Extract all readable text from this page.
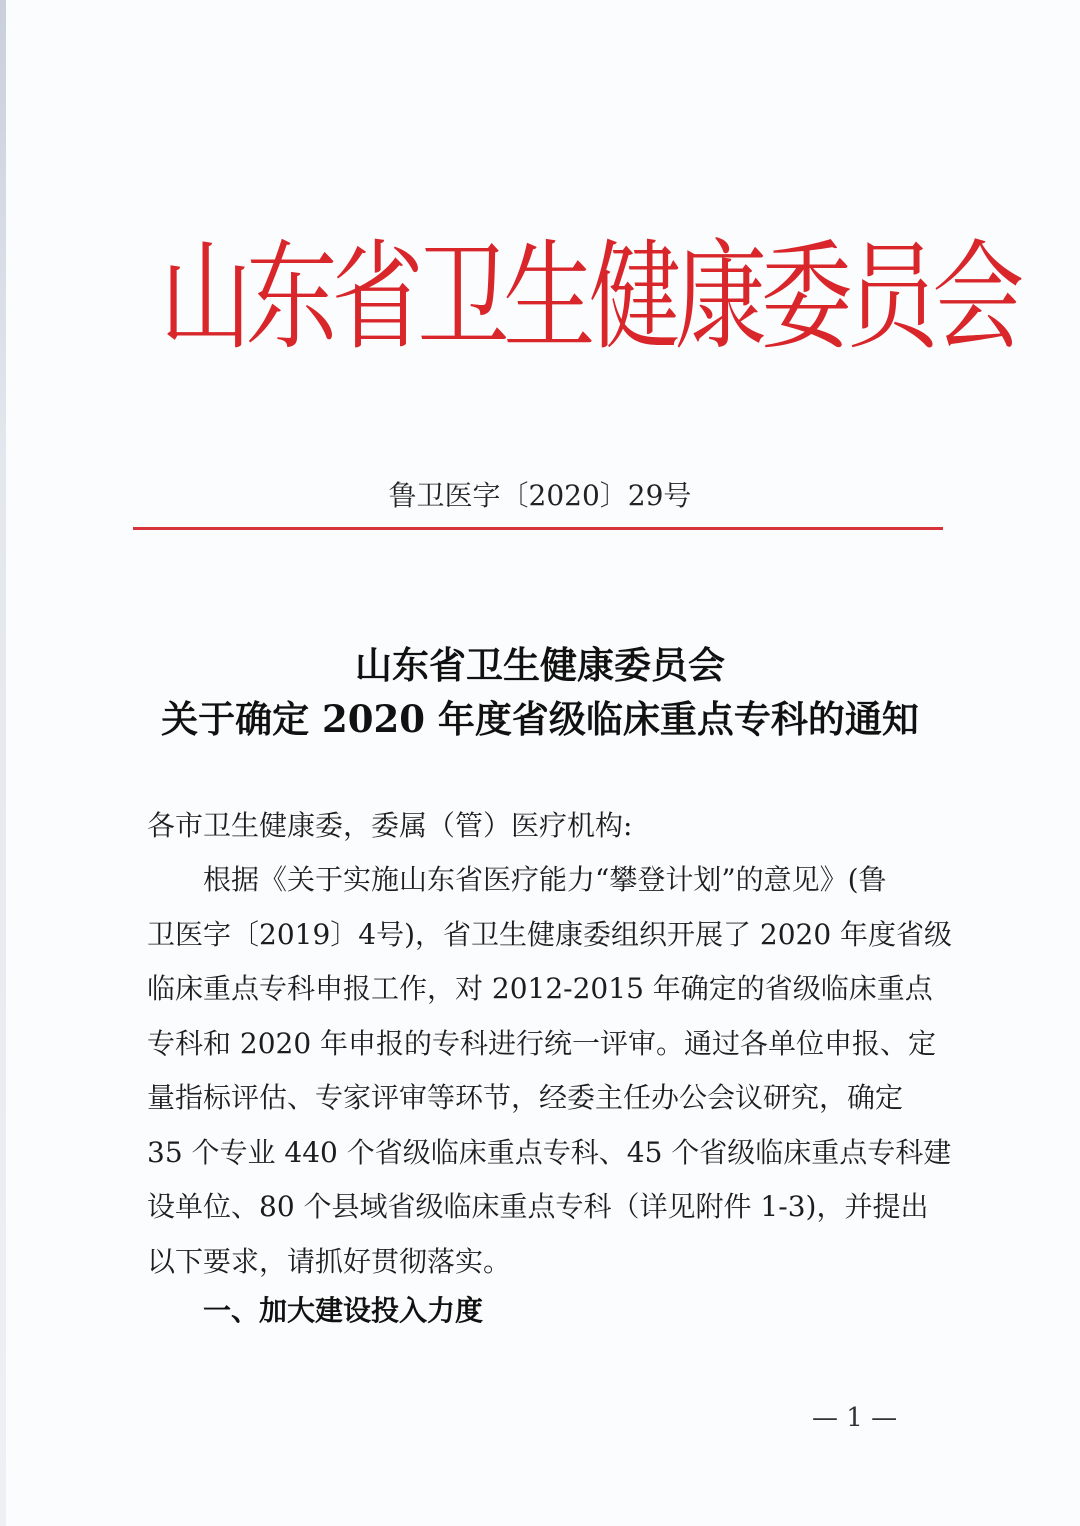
山东省卫生健康委员会
鲁卫医字〔2020〕29号
山东省卫生健康委员会
关于确定 2020 年度省级临床重点专科的通知
各市卫生健康委，委属（管）医疗机构:
　　根据《关于实施山东省医疗能力“攀登计划”的意见》(鲁
卫医字〔2019〕4号)，省卫生健康委组织开展了 2020 年度省级
临床重点专科申报工作，对 2012-2015 年确定的省级临床重点
专科和 2020 年申报的专科进行统一评审。通过各单位申报、定
量指标评估、专家评审等环节，经委主任办公会议研究，确定
35 个专业 440 个省级临床重点专科、45 个省级临床重点专科建
设单位、80 个县域省级临床重点专科（详见附件 1-3)，并提出
以下要求，请抓好贯彻落实。
一、加大建设投入力度
— 1 —
